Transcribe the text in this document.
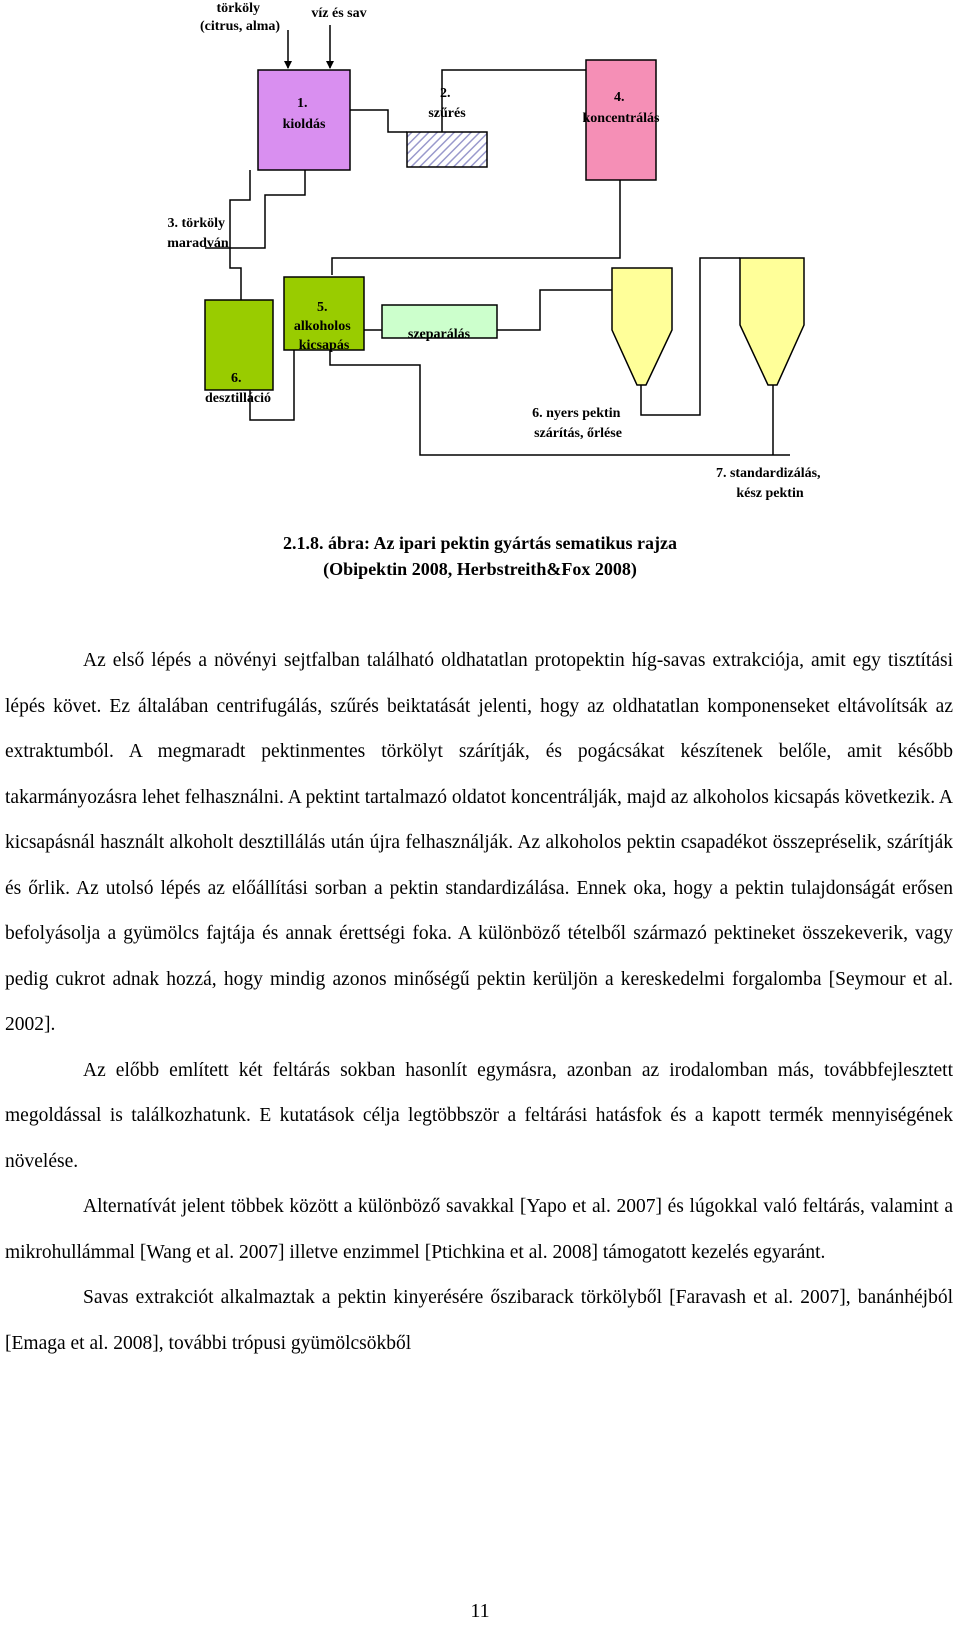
törköly (citrus, alma)
víz és sav
1. kioldás
2. szűrés
4. koncentrálás
3. törköly maradván
5. alkoholos kicsapás
szeparálás
6. desztilláció
6. nyers pektin szárítás, őrlése
7. standardizálás, kész pektin
2.1.8. ábra: Az ipari pektin gyártás sematikus rajza
(Obipektin 2008, Herbstreith&Fox 2008)

Az első lépés a növényi sejtfalban található oldhatatlan protopektin híg-savas extrakciója, amit egy tisztítási lépés követ. Ez általában centrifugálás, szűrés beiktatását jelenti, hogy az oldhatatlan komponenseket eltávolítsák az extraktumból. A megmaradt pektinmentes törkölyt szárítják, és pogácsákat készítenek belőle, amit később takarmányozásra lehet felhasználni. A pektint tartalmazó oldatot koncentrálják, majd az alkoholos kicsapás következik. A kicsapásnál használt alkoholt desztillálás után újra felhasználják. Az alkoholos pektin csapadékot összepréselik, szárítják és őrlik. Az utolsó lépés az előállítási sorban a pektin standardizálása. Ennek oka, hogy a pektin tulajdonságát erősen befolyásolja a gyümölcs fajtája és annak érettségi foka. A különböző tételből származó pektineket összekeverik, vagy pedig cukrot adnak hozzá, hogy mindig azonos minőségű pektin kerüljön a kereskedelmi forgalomba [Seymour et al. 2002].

Az előbb említett két feltárás sokban hasonlít egymásra, azonban az irodalomban más, továbbfejlesztett megoldással is találkozhatunk. E kutatások célja legtöbbször a feltárási hatásfok és a kapott termék mennyiségének növelése.

Alternatívát jelent többek között a különböző savakkal [Yapo et al. 2007] és lúgokkal való feltárás, valamint a mikrohullámmal [Wang et al. 2007] illetve enzimmel [Ptichkina et al. 2008] támogatott kezelés egyaránt.

Savas extrakciót alkalmaztak a pektin kinyerésére őszibarack törkölyből [Faravash et al. 2007], banánhéjból [Emaga et al. 2008], további trópusi gyümölcsökből

11
